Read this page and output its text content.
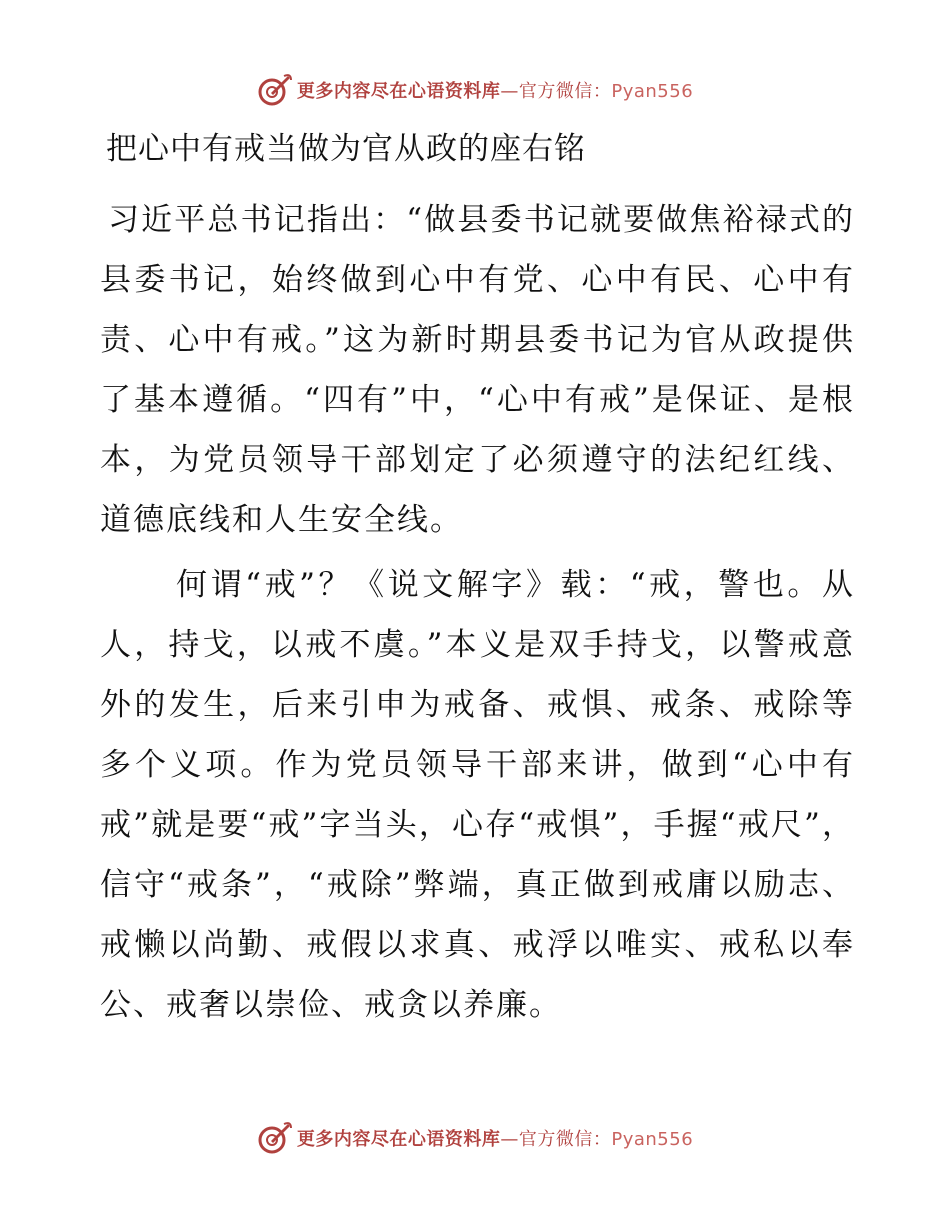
更多内容尽在心语资料库—官方微信：Pyan556
把心中有戒当做为官从政的座右铭

习近平总书记指出：“做县委书记就要做焦裕禄式的县委书记，始终做到心中有党、心中有民、心中有责、心中有戒。”这为新时期县委书记为官从政提供了基本遵循。“四有”中，“心中有戒”是保证、是根本，为党员领导干部划定了必须遵守的法纪红线、道德底线和人生安全线。

何谓“戒”？《说文解字》载：“戒，警也。从人，持戈，以戒不虞。”本义是双手持戈，以警戒意外的发生，后来引申为戒备、戒惧、戒条、戒除等多个义项。作为党员领导干部来讲，做到“心中有戒”就是要“戒”字当头，心存“戒惧”，手握“戒尺”，信守“戒条”，“戒除”弊端，真正做到戒庸以励志、戒懒以尚勤、戒假以求真、戒浮以唯实、戒私以奉公、戒奢以崇俭、戒贪以养廉。

更多内容尽在心语资料库—官方微信：Pyan556
